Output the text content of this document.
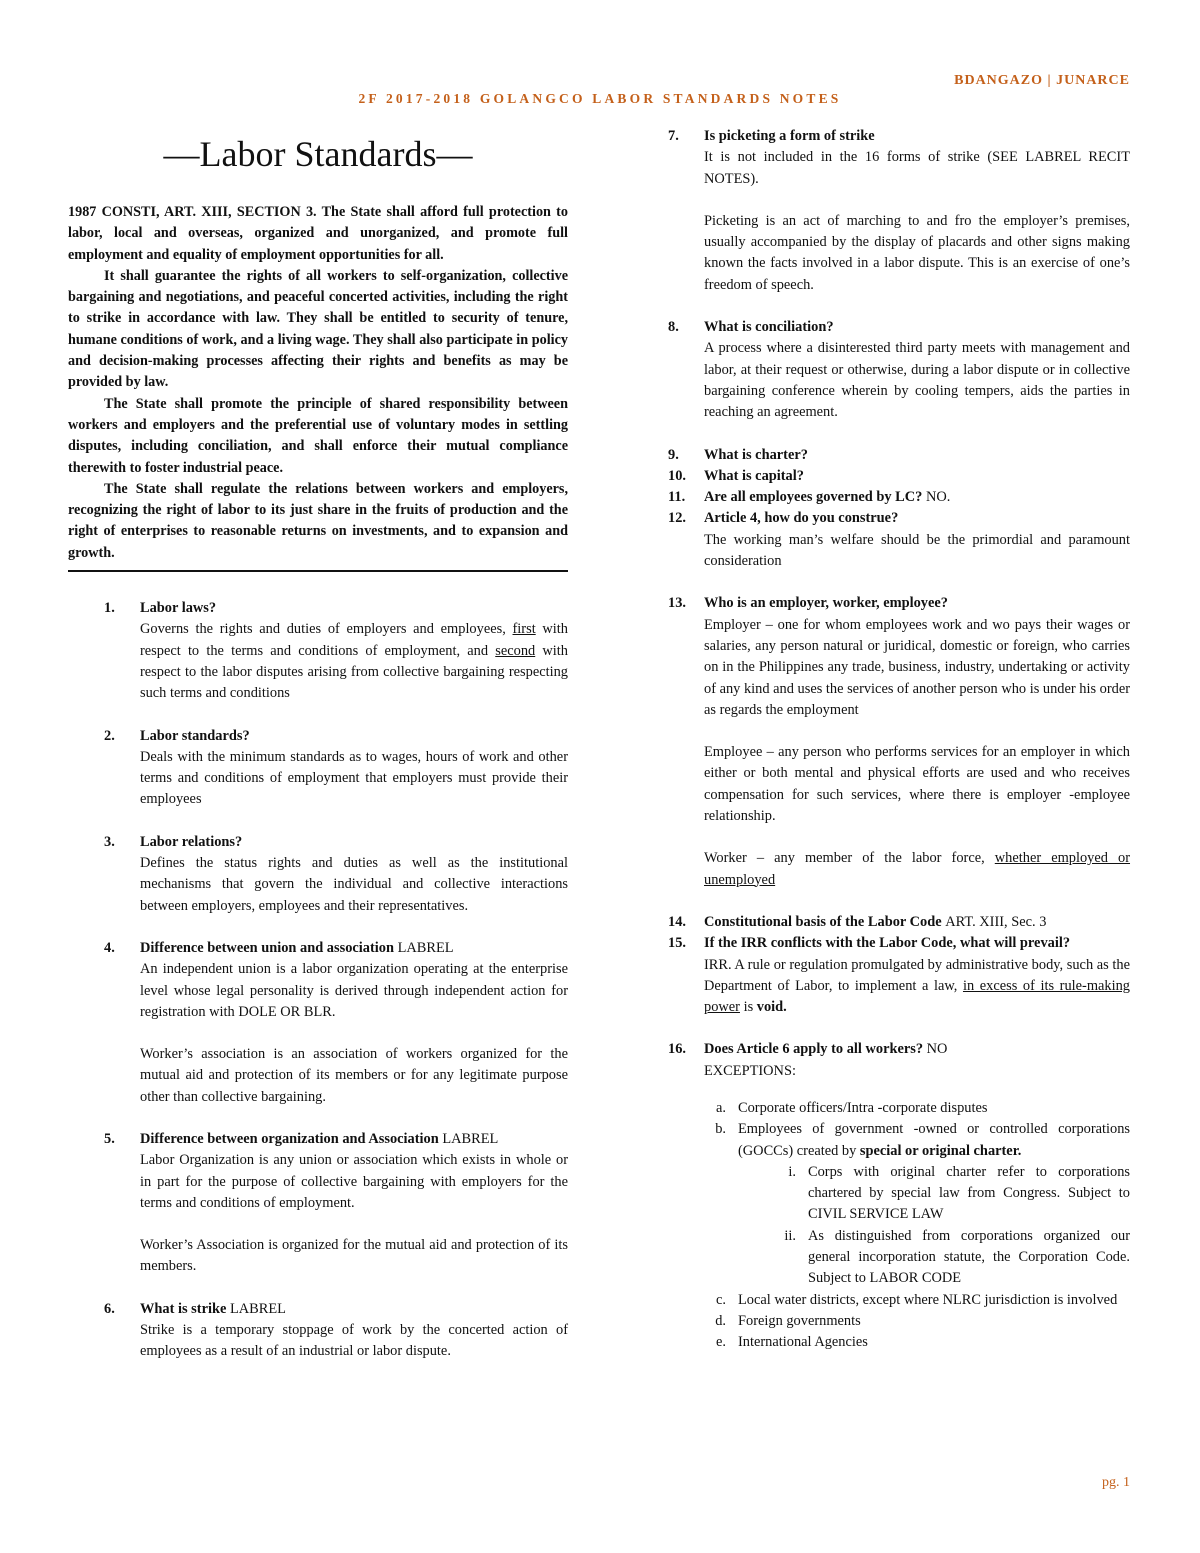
BDANGAZO | JUNARCE
2F 2017-2018 GOLANGCO LABOR STANDARDS NOTES
—Labor Standards—

1987 CONSTI, ART. XIII, SECTION 3. The State shall afford full protection to labor, local and overseas, organized and unorganized, and promote full employment and equality of employment opportunities for all.

It shall guarantee the rights of all workers to self-organization, collective bargaining and negotiations, and peaceful concerted activities, including the right to strike in accordance with law. They shall be entitled to security of tenure, humane conditions of work, and a living wage. They shall also participate in policy and decision-making processes affecting their rights and benefits as may be provided by law.

The State shall promote the principle of shared responsibility between workers and employers and the preferential use of voluntary modes in settling disputes, including conciliation, and shall enforce their mutual compliance therewith to foster industrial peace.

The State shall regulate the relations between workers and employers, recognizing the right of labor to its just share in the fruits of production and the right of enterprises to reasonable returns on investments, and to expansion and growth.

1.	Labor laws?
Governs the rights and duties of employers and employees, first with respect to the terms and conditions of employment, and second with respect to the labor disputes arising from collective bargaining respecting such terms and conditions
2.	Labor standards?
Deals with the minimum standards as to wages, hours of work and other terms and conditions of employment that employers must provide their employees
3.	Labor relations?
Defines the status rights and duties as well as the institutional mechanisms that govern the individual and collective interactions between employers, employees and their representatives.
4.	Difference between union and association LABREL
An independent union is a labor organization operating at the enterprise level whose legal personality is derived through independent action for registration with DOLE OR BLR.
Worker’s association is an association of workers organized for the mutual aid and protection of its members or for any legitimate purpose other than collective bargaining.
5.	Difference between organization and Association LABREL
Labor Organization is any union or association which exists in whole or in part for the purpose of collective bargaining with employers for the terms and conditions of employment.
Worker’s Association is organized for the mutual aid and protection of its members.
6.	What is strike LABREL
Strike is a temporary stoppage of work by the concerted action of employees as a result of an industrial or labor dispute.
7.	Is picketing a form of strike
It is not included in the 16 forms of strike (SEE LABREL RECIT NOTES).
Picketing is an act of marching to and fro the employer’s premises, usually accompanied by the display of placards and other signs making known the facts involved in a labor dispute. This is an exercise of one’s freedom of speech.
8.	What is conciliation?
A process where a disinterested third party meets with management and labor, at their request or otherwise, during a labor dispute or in collective bargaining conference wherein by cooling tempers, aids the parties in reaching an agreement.
9.	What is charter?
10.	What is capital?
11.	Are all employees governed by LC? NO.
12.	Article 4, how do you construe?
The working man’s welfare should be the primordial and paramount consideration
13.	Who is an employer, worker, employee?
Employer – one for whom employees work and wo pays their wages or salaries, any person natural or juridical, domestic or foreign, who carries on in the Philippines any trade, business, industry, undertaking or activity of any kind and uses the services of another person who is under his order as regards the employment
Employee – any person who performs services for an employer in which either or both mental and physical efforts are used and who receives compensation for such services, where there is employer -employee relationship.
Worker – any member of the labor force, whether employed or unemployed
14.	Constitutional basis of the Labor Code ART. XIII, Sec. 3
15.	If the IRR conflicts with the Labor Code, what will prevail?
IRR. A rule or regulation promulgated by administrative body, such as the Department of Labor, to implement a law, in excess of its rule-making power is void.
16.	Does Article 6 apply to all workers? NO
EXCEPTIONS:
a. Corporate officers/Intra -corporate disputes
b. Employees of government -owned or controlled corporations (GOCCs) created by special or original charter.
i. Corps with original charter refer to corporations chartered by special law from Congress. Subject to CIVIL SERVICE LAW
ii. As distinguished from corporations organized our general incorporation statute, the Corporation Code. Subject to LABOR CODE
c. Local water districts, except where NLRC jurisdiction is involved
d. Foreign governments
e. International Agencies
pg. 1
